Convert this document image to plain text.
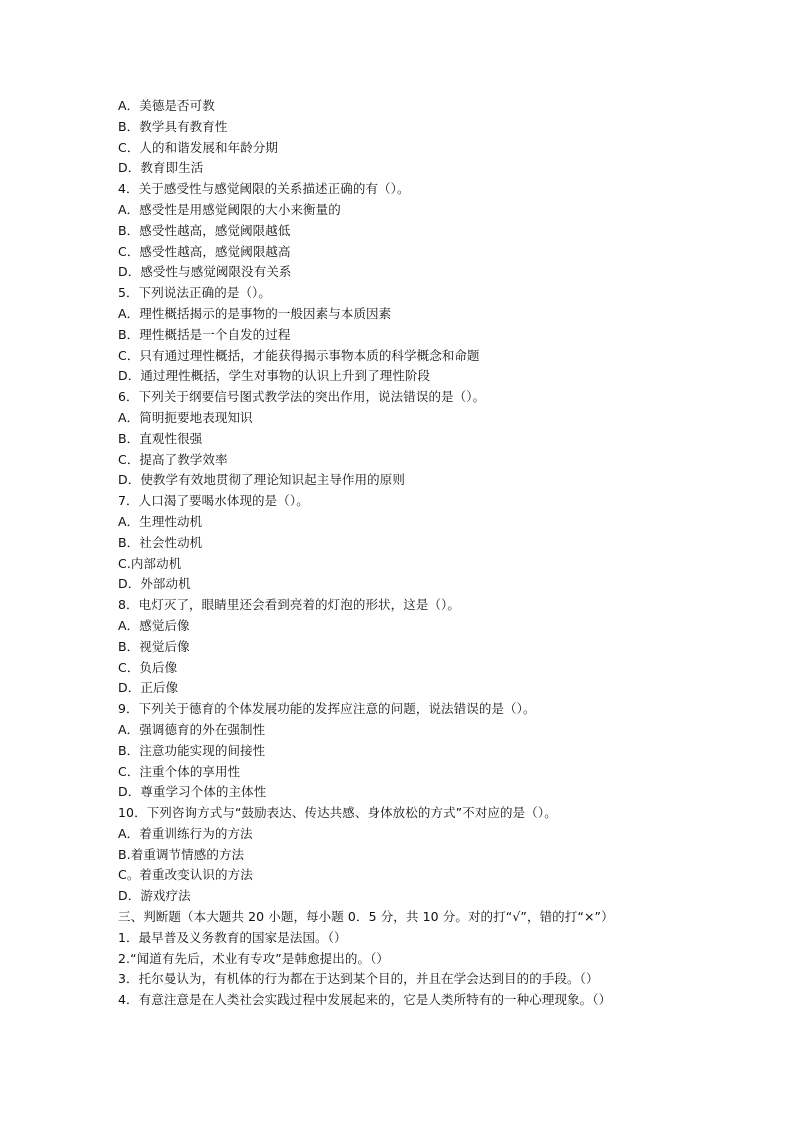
A．美德是否可教
B．教学具有教育性
C．人的和谐发展和年龄分期
D．教育即生活
4．关于感受性与感觉阈限的关系描述正确的有（）。
A．感受性是用感觉阈限的大小来衡量的
B．感受性越高，感觉阈限越低
C．感受性越高，感觉阈限越高
D．感受性与感觉阈限没有关系
5．下列说法正确的是（）。
A．理性概括揭示的是事物的一般因素与本质因素
B．理性概括是一个自发的过程
C．只有通过理性概括，才能获得揭示事物本质的科学概念和命题
D．通过理性概括，学生对事物的认识上升到了理性阶段
6．下列关于纲要信号图式教学法的突出作用，说法错误的是（）。
A．简明扼要地表现知识
B．直观性很强
C．提高了教学效率
D．使教学有效地贯彻了理论知识起主导作用的原则
7．人口渴了要喝水体现的是（）。
A．生理性动机
B．社会性动机
C.内部动机
D．外部动机
8．电灯灭了，眼睛里还会看到亮着的灯泡的形状，这是（）。
A．感觉后像
B．视觉后像
C．负后像
D．正后像
9．下列关于德育的个体发展功能的发挥应注意的问题，说法错误的是（）。
A．强调德育的外在强制性
B．注意功能实现的间接性
C．注重个体的享用性
D．尊重学习个体的主体性
10．下列咨询方式与“鼓励表达、传达共感、身体放松的方式”不对应的是（）。
A．着重训练行为的方法
B.着重调节情感的方法
C。着重改变认识的方法
D．游戏疗法
三、判断题（本大题共 20 小题，每小题 0．5 分，共 10 分。对的打“√”，错的打“×”）
1．最早普及义务教育的国家是法国。（）
2.“闻道有先后，术业有专攻”是韩愈提出的。（）
3．托尔曼认为，有机体的行为都在于达到某个目的，并且在学会达到目的的手段。（）
4．有意注意是在人类社会实践过程中发展起来的，它是人类所特有的一种心理现象。（）
